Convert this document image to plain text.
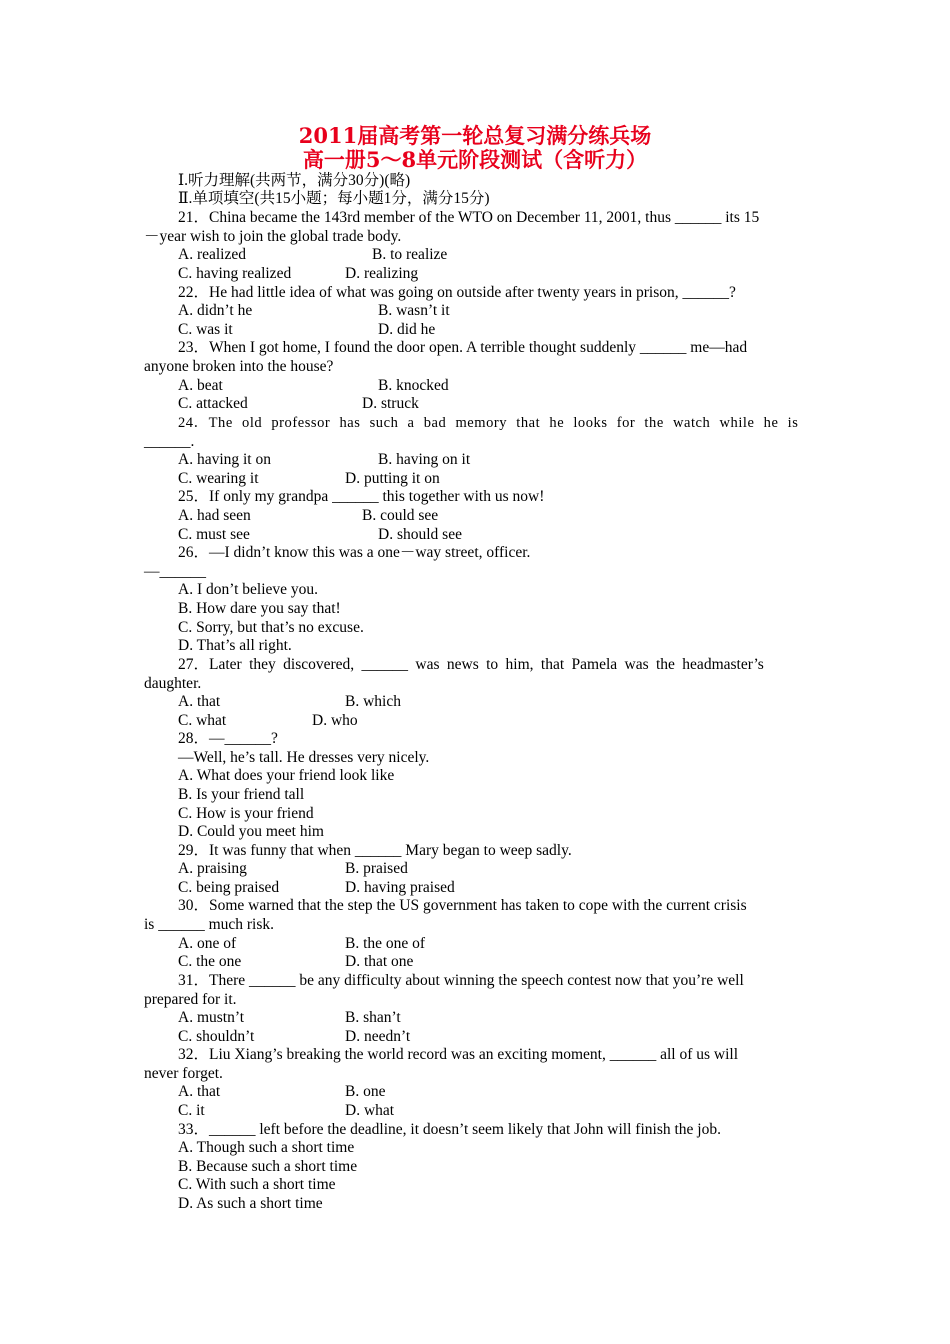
2011届高考第一轮总复习满分练兵场
高一册5～8单元阶段测试（含听力）
Ⅰ.听力理解(共两节，满分30分)(略)
Ⅱ.单项填空(共15小题；每小题1分，满分15分)
21．China became the 143rd member of the WTO on December 11, 2001, thus ______ its 15
－year wish to join the global trade body.
A. realized	B. to realize
C. having realized	D. realizing
22．He had little idea of what was going on outside after twenty years in prison, ______?
A. didn’t he	B. wasn’t it
C. was it	D. did he
23．When I got home, I found the door open. A terrible thought suddenly ______ me—had
anyone broken into the house?
A. beat	B. knocked
C. attacked	D. struck
24．The old professor has such a bad memory that he looks for the watch while he is
______.
A. having it on	B. having on it
C. wearing it	D. putting it on
25．If only my grandpa ______ this together with us now!
A. had seen	B. could see
C. must see	D. should see
26．—I didn’t know this was a one－way street, officer.
—______
A. I don’t believe you.
B. How dare you say that!
C. Sorry, but that’s no excuse.
D. That’s all right.
27．Later they discovered, ______ was news to him, that Pamela was the headmaster’s
daughter.
A. that	B. which
C. what	D. who
28．—______?
—Well, he’s tall. He dresses very nicely.
A. What does your friend look like
B. Is your friend tall
C. How is your friend
D. Could you meet him
29．It was funny that when ______ Mary began to weep sadly.
A. praising	B. praised
C. being praised	D. having praised
30．Some warned that the step the US government has taken to cope with the current crisis
is ______ much risk.
A. one of	B. the one of
C. the one	D. that one
31．There ______ be any difficulty about winning the speech contest now that you’re well
prepared for it.
A. mustn’t	B. shan’t
C. shouldn’t	D. needn’t
32．Liu Xiang’s breaking the world record was an exciting moment, ______ all of us will
never forget.
A. that	B. one
C. it	D. what
33．______ left before the deadline, it doesn’t seem likely that John will finish the job.
A. Though such a short time
B. Because such a short time
C. With such a short time
D. As such a short time
